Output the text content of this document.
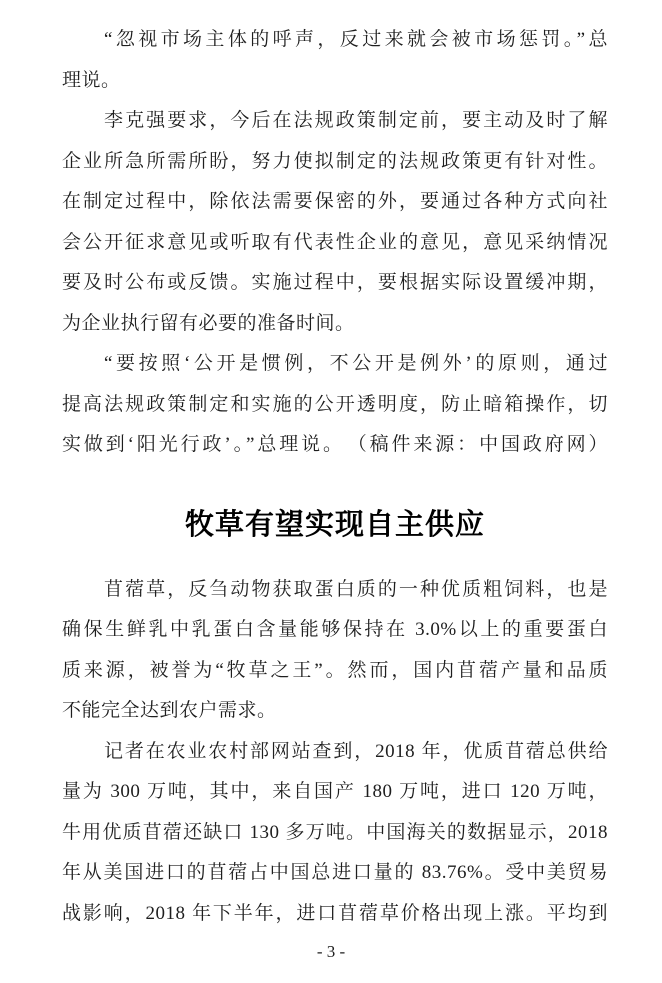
“忽视市场主体的呼声，反过来就会被市场惩罚。”总
理说。
李克强要求，今后在法规政策制定前，要主动及时了解
企业所急所需所盼，努力使拟制定的法规政策更有针对性。
在制定过程中，除依法需要保密的外，要通过各种方式向社
会公开征求意见或听取有代表性企业的意见，意见采纳情况
要及时公布或反馈。实施过程中，要根据实际设置缓冲期，
为企业执行留有必要的准备时间。
“要按照‘公开是惯例，不公开是例外’的原则，通过
提高法规政策制定和实施的公开透明度，防止暗箱操作，切
实做到‘阳光行政’。”总理说。　（稿件来源：中国政府网）
牧草有望实现自主供应
苜蓿草，反刍动物获取蛋白质的一种优质粗饲料，也是
确保生鲜乳中乳蛋白含量能够保持在 3.0%以上的重要蛋白
质来源，被誉为“牧草之王”。然而，国内苜蓿产量和品质
不能完全达到农户需求。
记者在农业农村部网站查到，2018 年，优质苜蓿总供给
量为 300 万吨，其中，来自国产 180 万吨，进口 120 万吨，
牛用优质苜蓿还缺口 130 多万吨。中国海关的数据显示，2018
年从美国进口的苜蓿占中国总进口量的 83.76%。受中美贸易
战影响，2018 年下半年，进口苜蓿草价格出现上涨。平均到
- 3 -
